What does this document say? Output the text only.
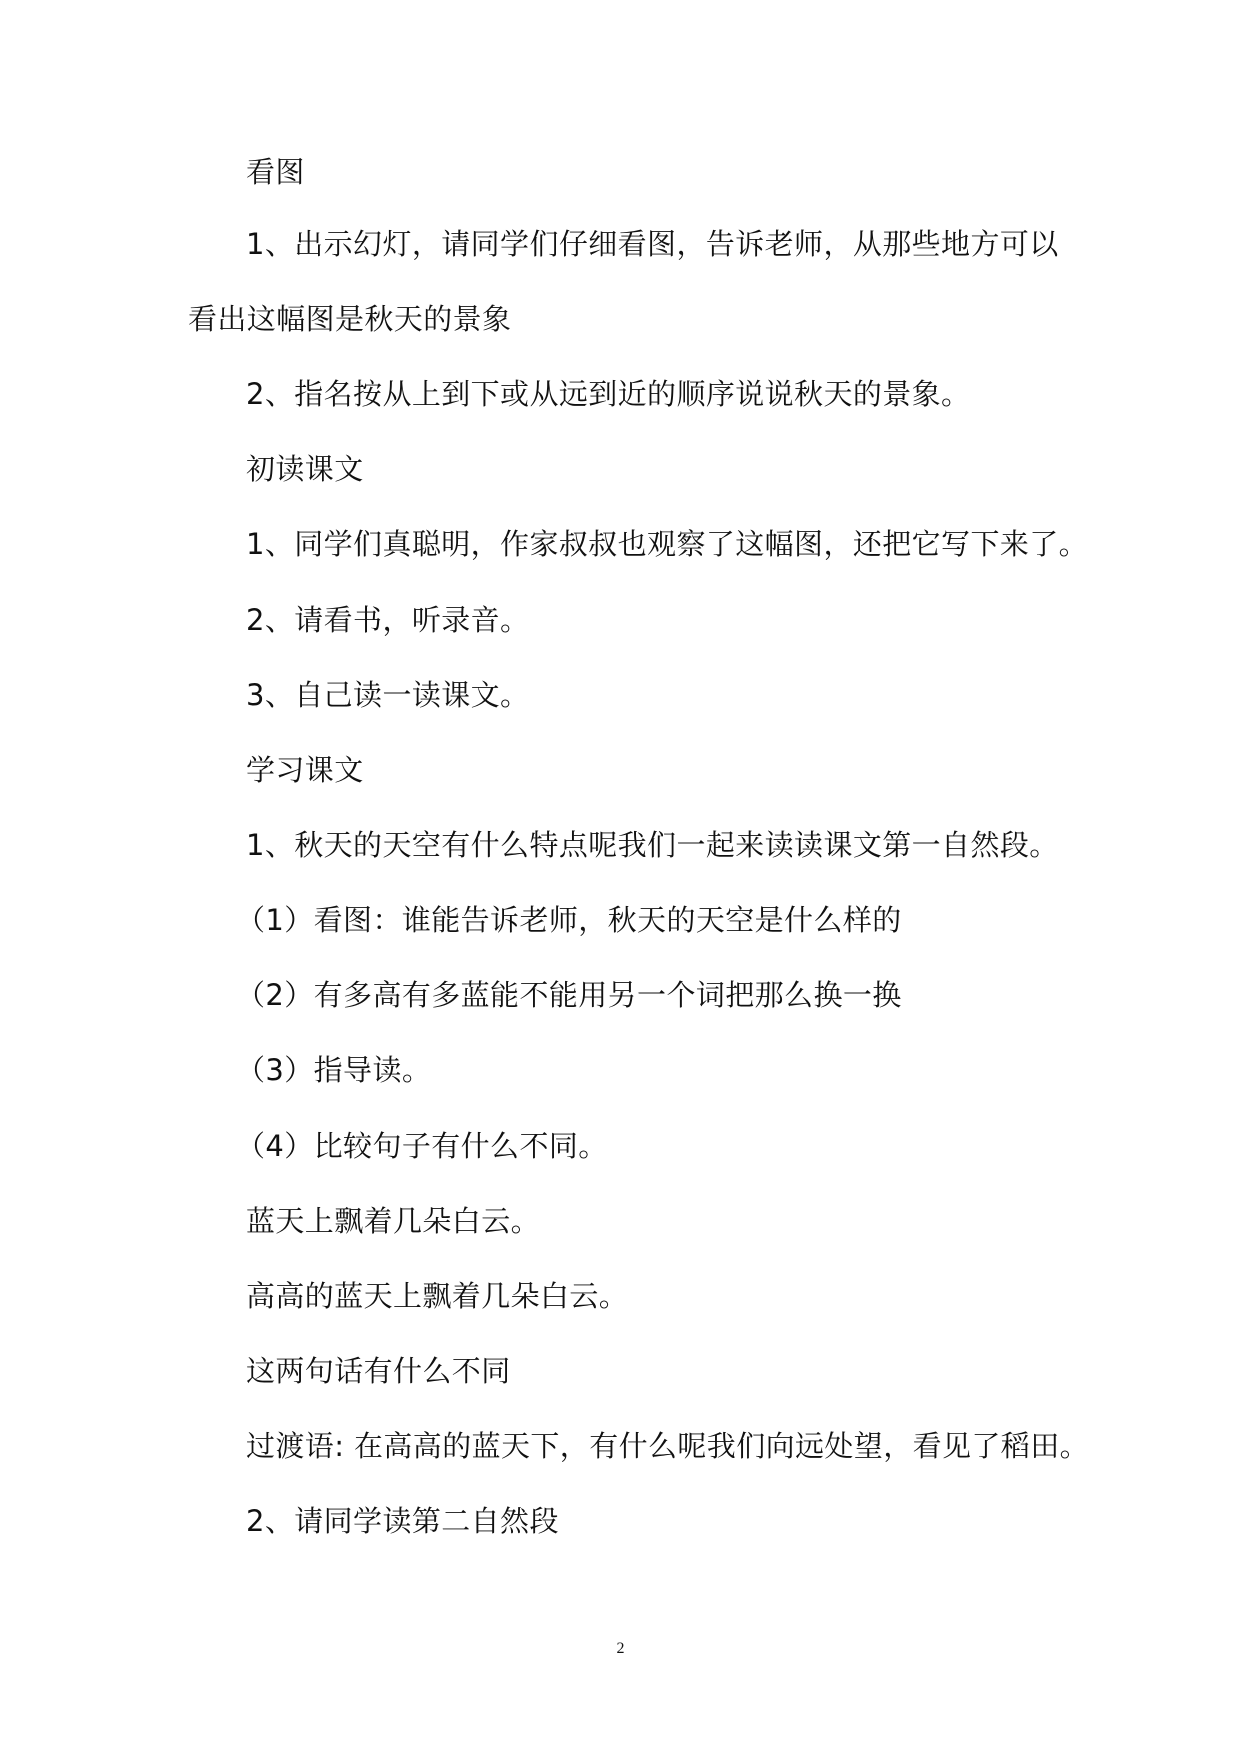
看图
1、出示幻灯，请同学们仔细看图，告诉老师，从那些地方可以
看出这幅图是秋天的景象
2、指名按从上到下或从远到近的顺序说说秋天的景象。
初读课文
1、同学们真聪明，作家叔叔也观察了这幅图，还把它写下来了。
2、请看书，听录音。
3、自己读一读课文。
学习课文
1、秋天的天空有什么特点呢我们一起来读读课文第一自然段。
（1）看图：谁能告诉老师，秋天的天空是什么样的
（2）有多高有多蓝能不能用另一个词把那么换一换
（3）指导读。
（4）比较句子有什么不同。
蓝天上飘着几朵白云。
高高的蓝天上飘着几朵白云。
这两句话有什么不同
过渡语: 在高高的蓝天下，有什么呢我们向远处望，看见了稻田。
2、请同学读第二自然段
2
